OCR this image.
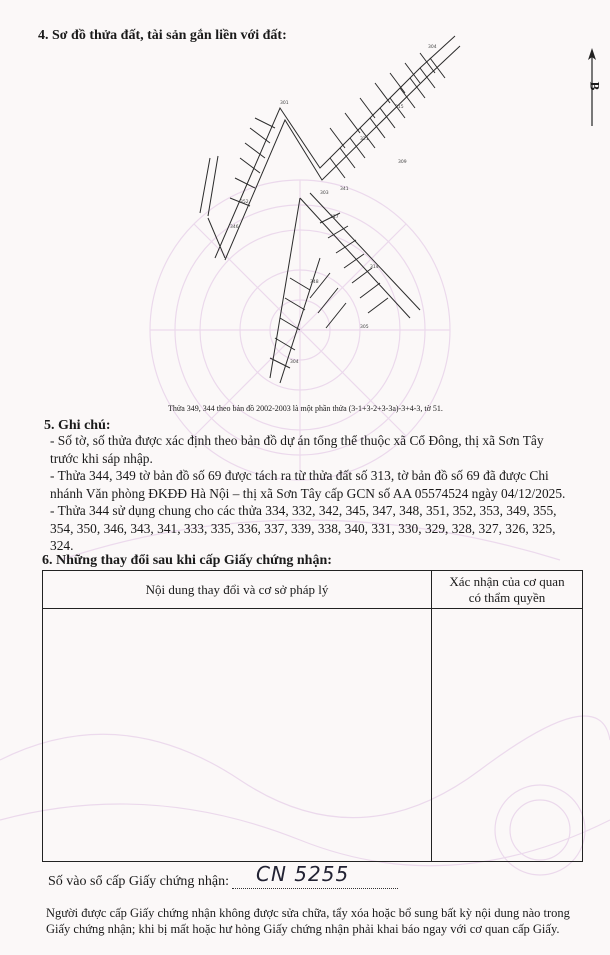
4. Sơ đồ thửa đất, tài sản gắn liền với đất:
301
303
321
315
304
341
317
348
314
305
304
352
346
309
B
Thửa 349, 344 theo bản đồ 2002-2003 là một phần thửa (3-1+3-2+3-3a)-3+4-3, tờ 51.
5. Ghi chú:
- Số tờ, số thửa được xác định theo bản đồ dự án tổng thể thuộc xã Cổ Đông, thị xã Sơn Tây
trước khi sáp nhập.
- Thửa 344, 349 tờ bản đồ số 69 được tách ra từ thửa đất số 313, tờ bản đồ số 69 đã được Chi
nhánh Văn phòng ĐKĐĐ Hà Nội – thị xã Sơn Tây cấp GCN số AA 05574524 ngày 04/12/2025.
- Thửa 344 sử dụng chung cho các thửa 334, 332, 342, 345, 347, 348, 351, 352, 353, 349, 355,
354, 350, 346, 343, 341, 333, 335, 336, 337, 339, 338, 340, 331, 330, 329, 328, 327, 326, 325,
324.
6. Những thay đổi sau khi cấp Giấy chứng nhận:
Nội dung thay đổi và cơ sở pháp lý	Xác nhận của cơ quan
có thẩm quyền

Số vào sổ cấp Giấy chứng nhận: CN 5255
Người được cấp Giấy chứng nhận không được sửa chữa, tẩy xóa hoặc bổ sung bất kỳ nội dung nào trong
Giấy chứng nhận; khi bị mất hoặc hư hỏng Giấy chứng nhận phải khai báo ngay với cơ quan cấp Giấy.
